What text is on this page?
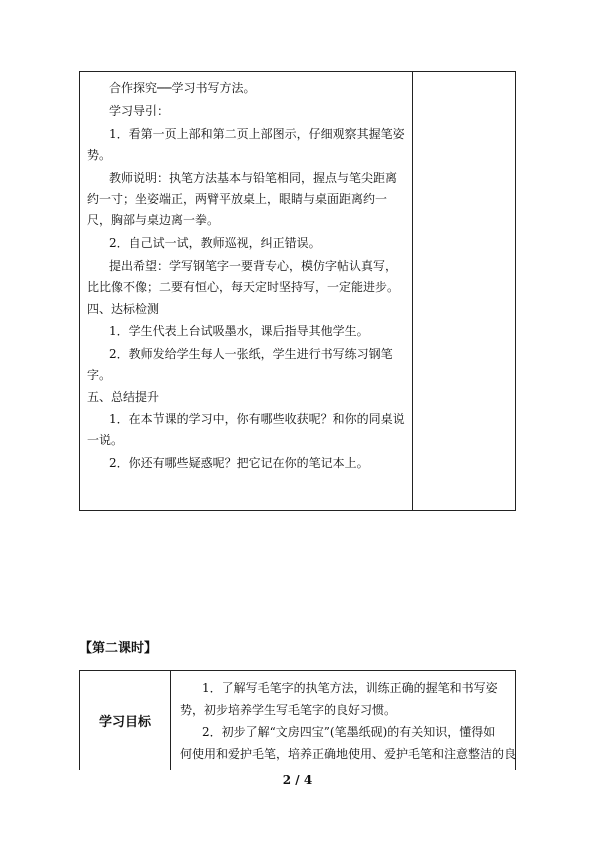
合作探究──学习书写方法。
学习导引：
1．看第一页上部和第二页上部图示，仔细观察其握笔姿
势。
教师说明：执笔方法基本与铅笔相同，握点与笔尖距离
约一寸；坐姿端正，两臂平放桌上，眼睛与桌面距离约一
尺，胸部与桌边离一拳。
2．自己试一试，教师巡视，纠正错误。
提出希望：学写钢笔字一要背专心，模仿字帖认真写，
比比像不像；二要有恒心，每天定时坚持写，一定能进步。
四、达标检测
1．学生代表上台试吸墨水，课后指导其他学生。
2．教师发给学生每人一张纸，学生进行书写练习钢笔
字。
五、总结提升
1．在本节课的学习中，你有哪些收获呢？和你的同桌说
一说。
2．你还有哪些疑惑呢？把它记在你的笔记本上。
【第二课时】
学习目标
1．了解写毛笔字的执笔方法，训练正确的握笔和书写姿
势，初步培养学生写毛笔字的良好习惯。
2．初步了解“文房四宝”(笔墨纸砚)的有关知识，懂得如
何使用和爱护毛笔，培养正确地使用、爱护毛笔和注意整洁的良
2 / 4
